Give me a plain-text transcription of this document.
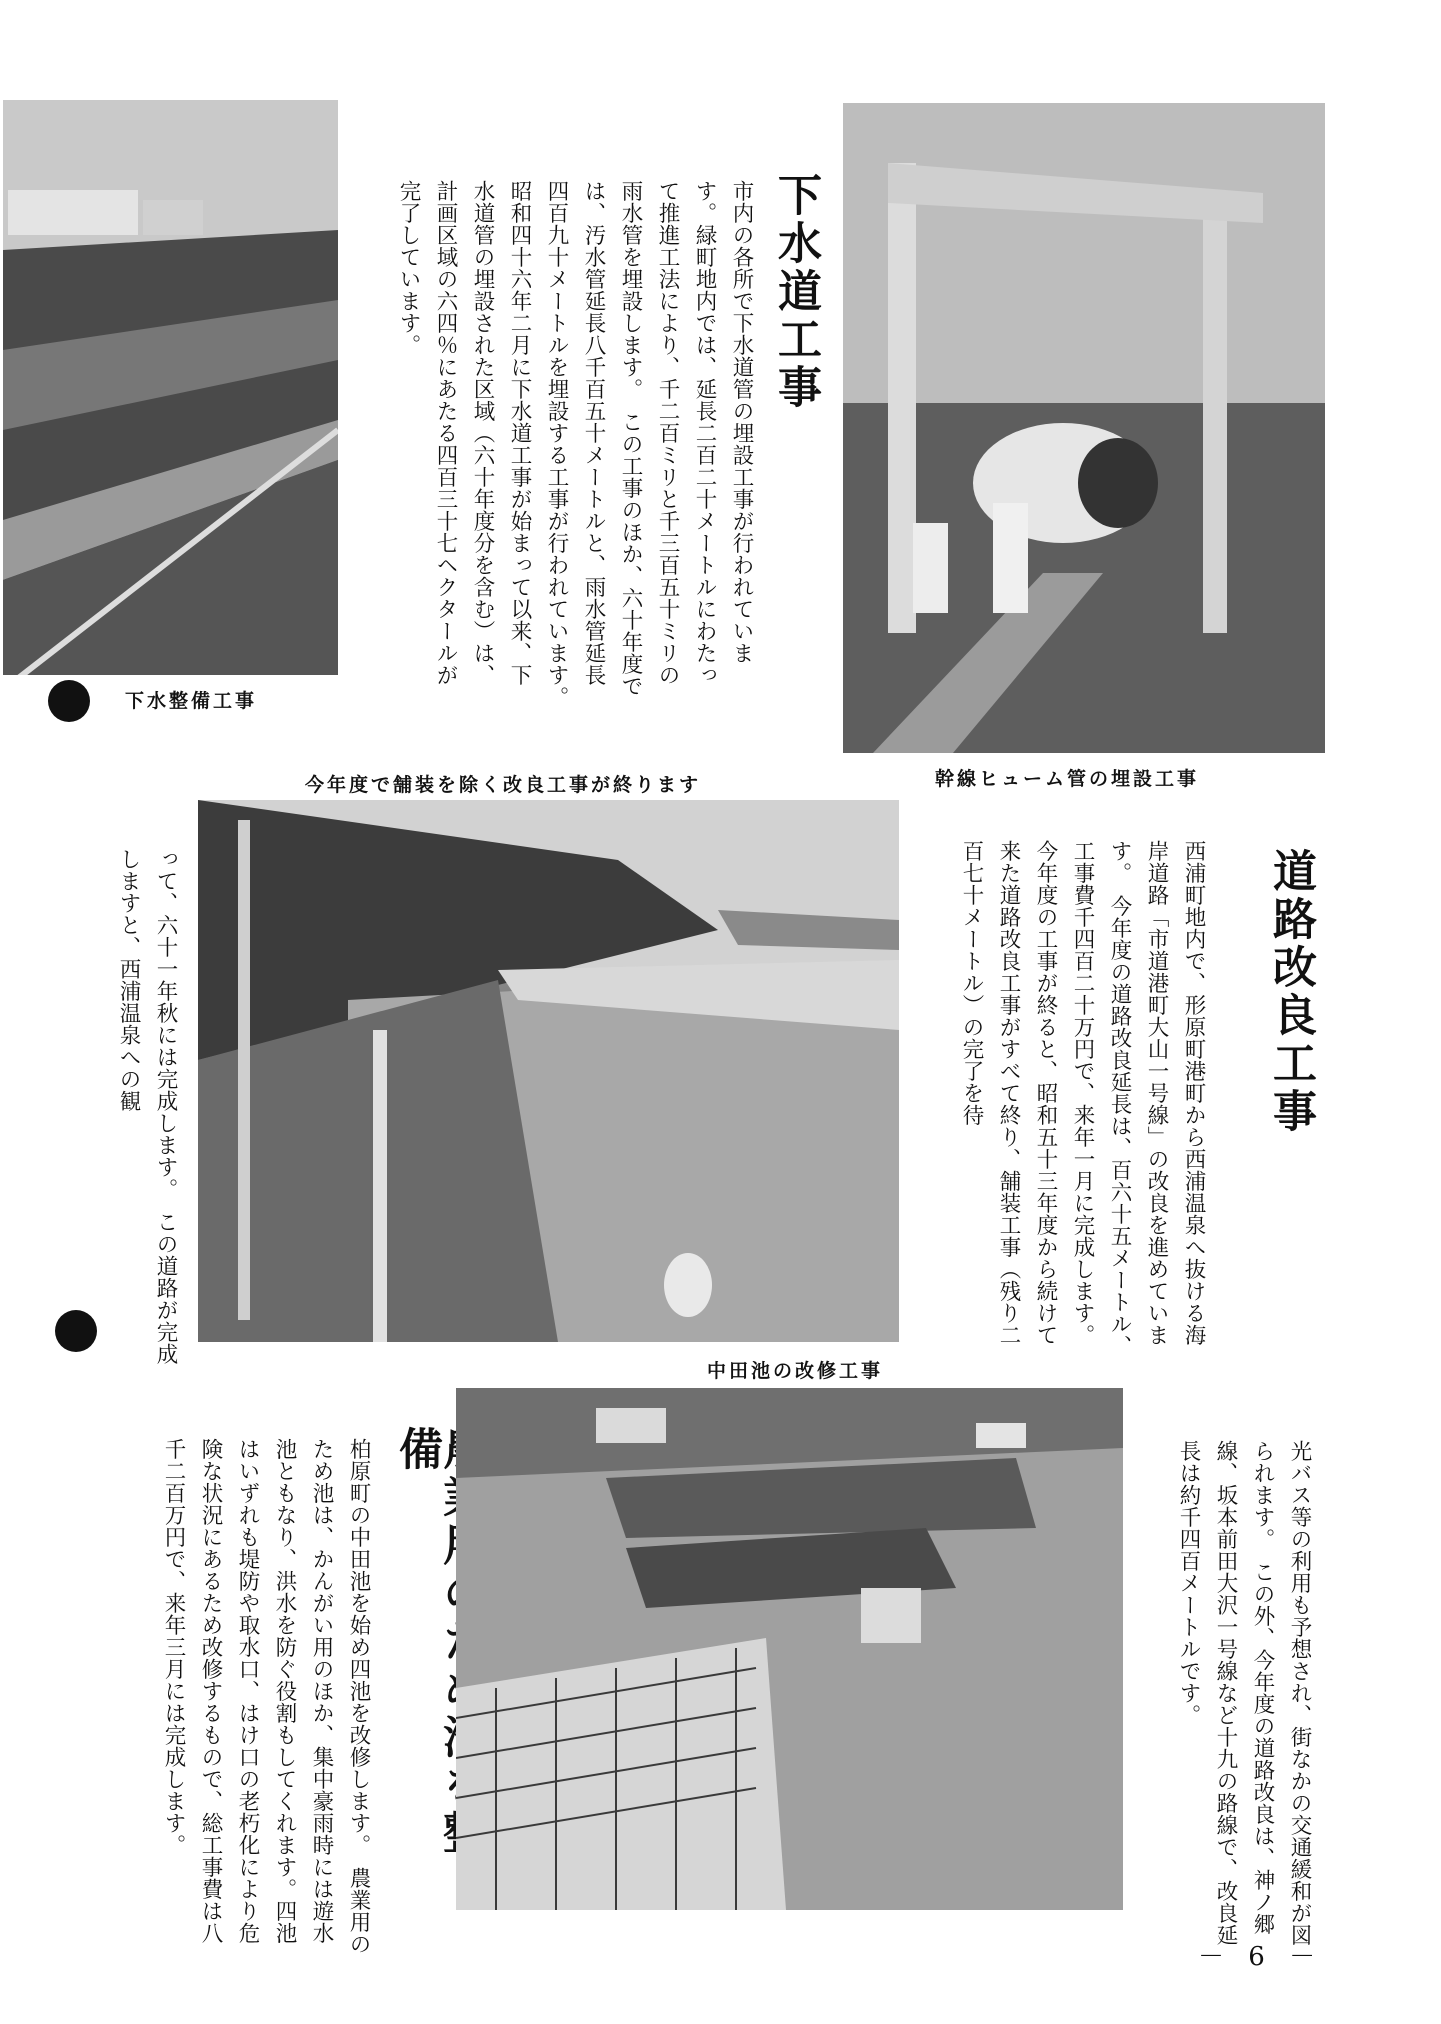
下水整備工事
下水道工事
市内の各所で下水道管の埋設工事が行われています。緑町地内では、延長二百二十メートルにわたって推進工法により、千二百ミリと千三百五十ミリの雨水管を埋設します。　この工事のほか、六十年度では、汚水管延長八千百五十メートルと、雨水管延長四百九十メートルを埋設する工事が行われています。　昭和四十六年二月に下水道工事が始まって以来、下水道管の埋設された区域（六十年度分を含む）は、計画区域の六四％にあたる四百三十七ヘクタールが完了しています。
幹線ヒューム管の埋設工事
今年度で舗装を除く改良工事が終ります
道路改良工事
西浦町地内で、形原町港町から西浦温泉へ抜ける海岸道路「市道港町大山一号線」の改良を進めています。　今年度の道路改良延長は、百六十五メートル、工事費千四百二十万円で、来年一月に完成します。　今年度の工事が終ると、昭和五十三年度から続けて来た道路改良工事がすべて終り、舗装工事（残り二百七十メートル）の完了を待
って、六十一年秋には完成します。　この道路が完成しますと、西浦温泉への観
中田池の改修工事
備
柏原町の中田池を始め四池を改修します。　農業用のため池は、かんがい用のほか、集中豪雨時には遊水池ともなり、洪水を防ぐ役割もしてくれます。四池はいずれも堤防や取水口、はけ口の老朽化により危険な状況にあるため改修するもので、総工事費は八千二百万円で、来年三月には完成します。	光バス等の利用も予想され、街なかの交通緩和が図られます。　この外、今年度の道路改良は、神ノ郷線、坂本前田大沢一号線など十九の路線で、改良延長は約千四百メートルです。
－ 6 －
